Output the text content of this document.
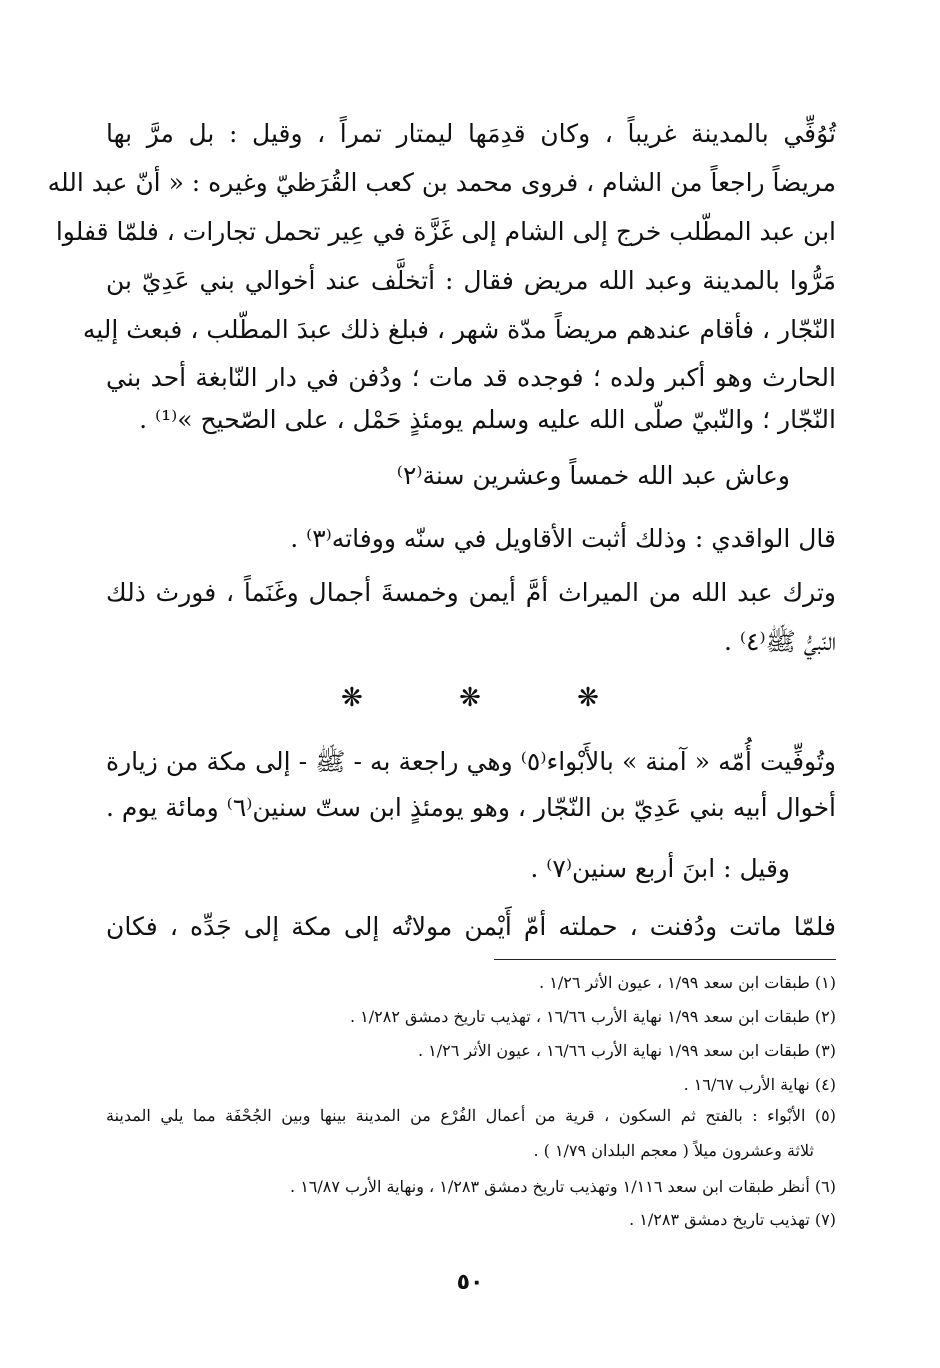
تُوُفِّي بالمدينة غريباً ، وكان قدِمَها ليمتار تمراً ، وقيل : بل مرَّ بها
مريضاً راجعاً من الشام ، فروى محمد بن كعب القُرَظيّ وغيره : « أنّ عبد الله
ابن عبد المطّلب خرج إلى الشام إلى غَزَّة في عِير تحمل تجارات ، فلمّا قفلوا
مَرُّوا بالمدينة وعبد الله مريض فقال : أتخلَّف عند أخوالي بني عَدِيّ بن
النّجّار ، فأقام عندهم مريضاً مدّة شهر ، فبلغ ذلك عبدَ المطّلب ، فبعث إليه
الحارث وهو أكبر ولده ؛ فوجده قد مات ؛ ودُفن في دار النّابغة أحد بني
النّجّار ؛ والنّبيّ صلّى الله عليه وسلم يومئذٍ حَمْل ، على الصّحيح »⁽¹⁾ .
وعاش عبد الله خمساً وعشرين سنة⁽٢⁾
قال الواقدي : وذلك أثبت الأقاويل في سنّه ووفاته⁽٣⁾ .
وترك عبد الله من الميراث أمَّ أيمن وخمسةَ أجمال وغَنَماً ، فورث ذلك
النّبيُّ ﷺ⁽٤⁾ .
❋ ❋ ❋
وتُوفِّيت أُمّه « آمنة » بالأَبْواء⁽٥⁾ وهي راجعة به - ﷺ - إلى مكة من زيارة
أخوال أبيه بني عَدِيّ بن النّجّار ، وهو يومئذٍ ابن ستّ سنين⁽٦⁾ ومائة يوم .
وقيل : ابنَ أربع سنين⁽٧⁾ .
فلمّا ماتت ودُفنت ، حملته أمّ أَيْمن مولاتُه إلى مكة إلى جَدِّه ، فكان
(١) طبقات ابن سعد ١/٩٩ ، عيون الأثر ١/٢٦ .
(٢) طبقات ابن سعد ١/٩٩ نهاية الأرب ١٦/٦٦ ، تهذيب تاريخ دمشق ١/٢٨٢ .
(٣) طبقات ابن سعد ١/٩٩ نهاية الأرب ١٦/٦٦ ، عيون الأثر ١/٢٦ .
(٤) نهاية الأرب ١٦/٦٧ .
(٥) الأبْواء : بالفتح ثم السكون ، قرية من أعمال الفُرْع من المدينة بينها وبين الجُحْفَة مما يلي المدينة
ثلاثة وعشرون ميلاً ( معجم البلدان ١/٧٩ ) .
(٦) أنظر طبقات ابن سعد ١/١١٦ وتهذيب تاريخ دمشق ١/٢٨٣ ، ونهاية الأرب ١٦/٨٧ .
(٧) تهذيب تاريخ دمشق ١/٢٨٣ .
٥٠
